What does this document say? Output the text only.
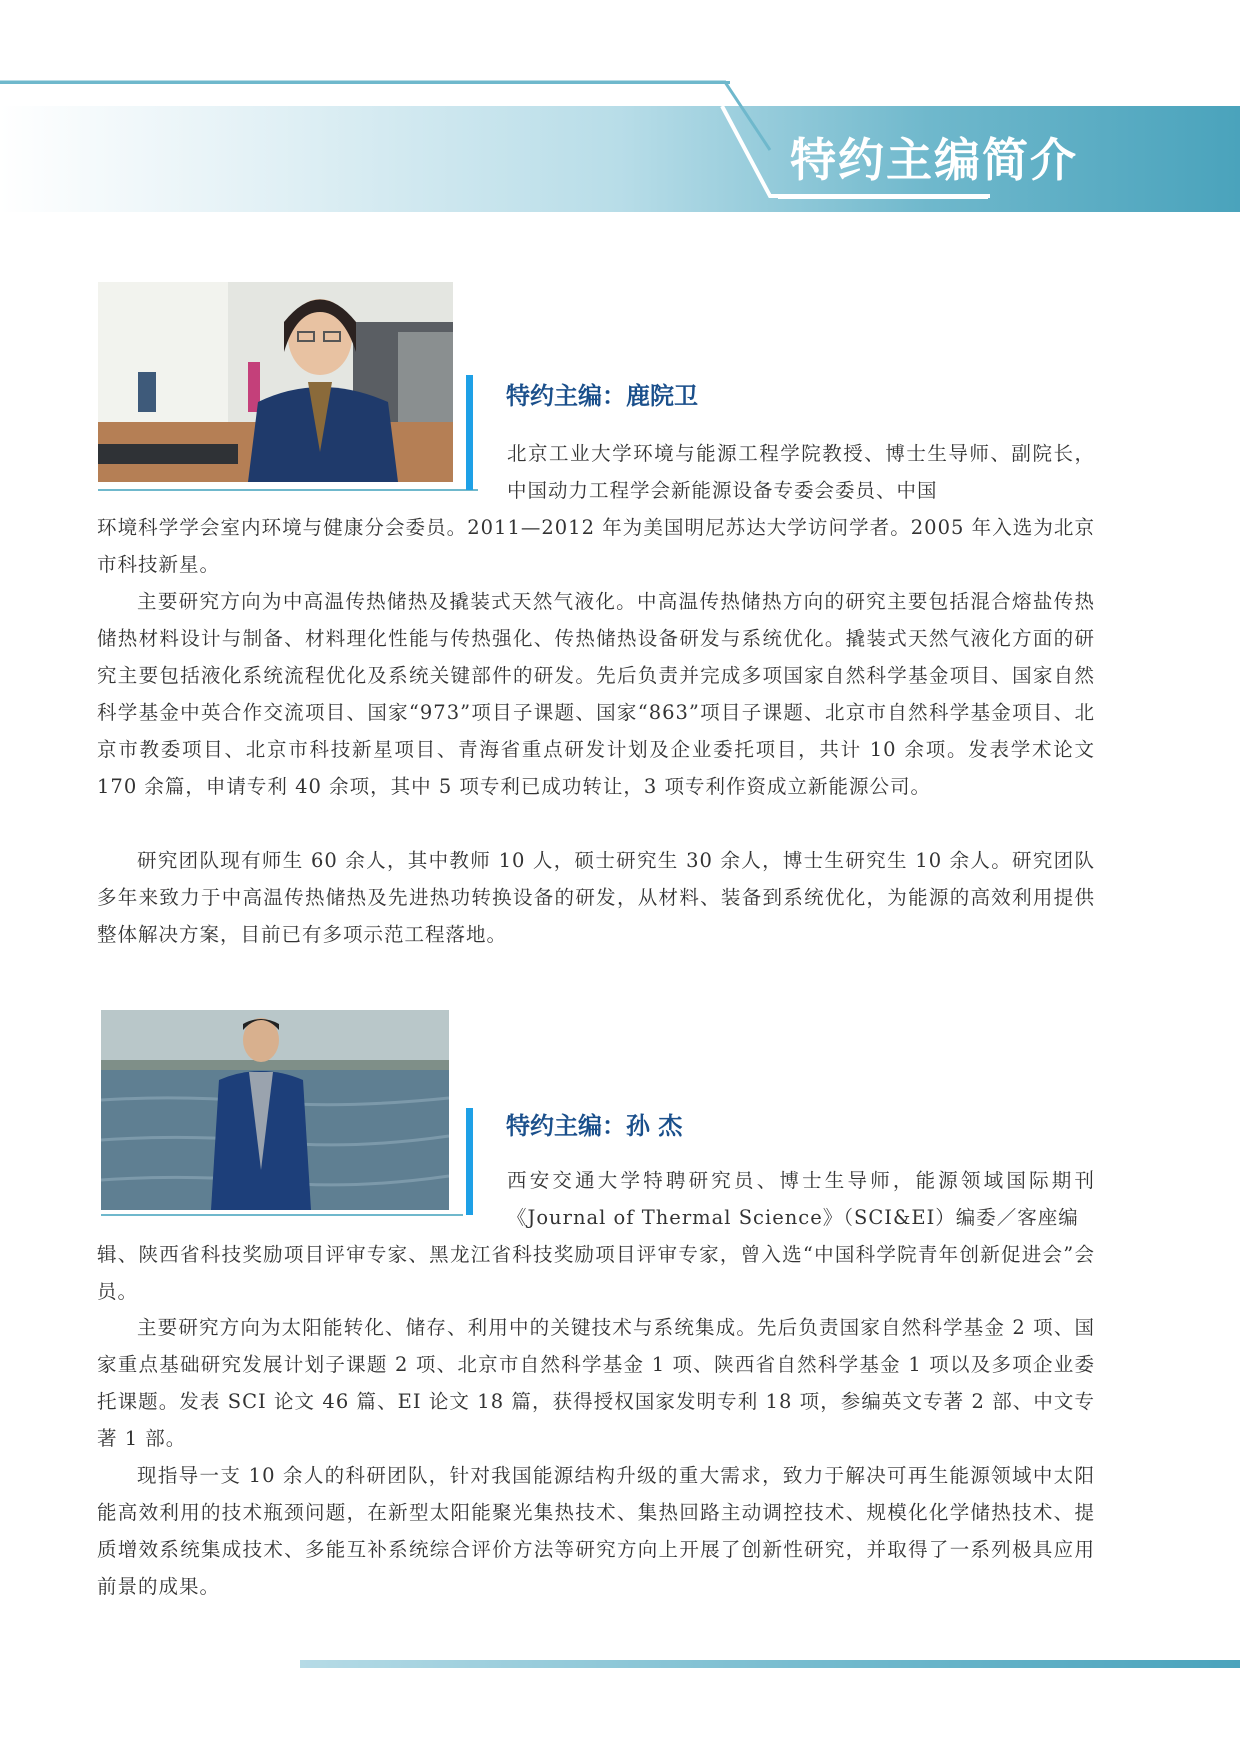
特约主编简介
特约主编：鹿院卫

北京工业大学环境与能源工程学院教授、博士生导师、副院长，中国动力工程学会新能源设备专委会委员、中国
环境科学学会室内环境与健康分会委员。2011—2012 年为美国明尼苏达大学访问学者。2005 年入选为北京市科技新星。

主要研究方向为中高温传热储热及撬装式天然气液化。中高温传热储热方向的研究主要包括混合熔盐传热储热材料设计与制备、材料理化性能与传热强化、传热储热设备研发与系统优化。撬装式天然气液化方面的研究主要包括液化系统流程优化及系统关键部件的研发。先后负责并完成多项国家自然科学基金项目、国家自然科学基金中英合作交流项目、国家“973”项目子课题、国家“863”项目子课题、北京市自然科学基金项目、北京市教委项目、北京市科技新星项目、青海省重点研发计划及企业委托项目，共计 10 余项。发表学术论文 170 余篇，申请专利 40 余项，其中 5 项专利已成功转让，3 项专利作资成立新能源公司。

研究团队现有师生 60 余人，其中教师 10 人，硕士研究生 30 余人，博士生研究生 10 余人。研究团队多年来致力于中高温传热储热及先进热功转换设备的研发，从材料、装备到系统优化，为能源的高效利用提供整体解决方案，目前已有多项示范工程落地。

特约主编：孙 杰

西安交通大学特聘研究员、博士生导师，能源领域国际期刊《Journal of Thermal Science》（SCI&EI）编委／客座编
辑、陕西省科技奖励项目评审专家、黑龙江省科技奖励项目评审专家，曾入选“中国科学院青年创新促进会”会员。

主要研究方向为太阳能转化、储存、利用中的关键技术与系统集成。先后负责国家自然科学基金 2 项、国家重点基础研究发展计划子课题 2 项、北京市自然科学基金 1 项、陕西省自然科学基金 1 项以及多项企业委托课题。发表 SCI 论文 46 篇、EI 论文 18 篇，获得授权国家发明专利 18 项，参编英文专著 2 部、中文专著 1 部。

现指导一支 10 余人的科研团队，针对我国能源结构升级的重大需求，致力于解决可再生能源领域中太阳能高效利用的技术瓶颈问题，在新型太阳能聚光集热技术、集热回路主动调控技术、规模化化学储热技术、提质增效系统集成技术、多能互补系统综合评价方法等研究方向上开展了创新性研究，并取得了一系列极具应用前景的成果。
